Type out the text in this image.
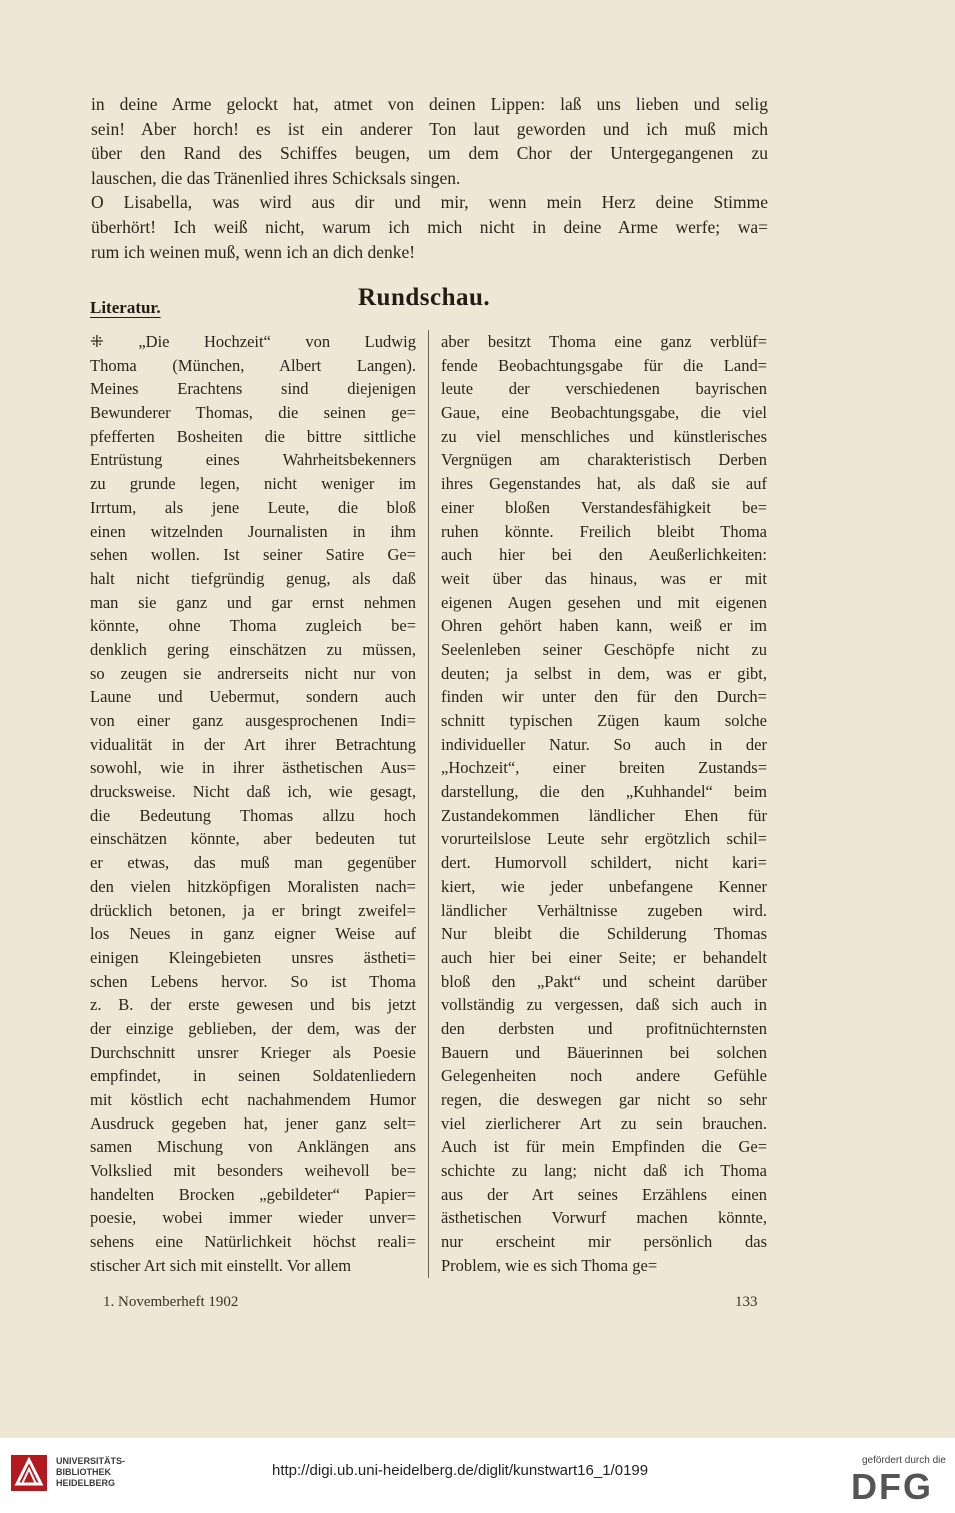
in deine Arme gelockt hat, atmet von deinen Lippen: laß uns lieben und selig
sein! Aber horch! es ist ein anderer Ton laut geworden und ich muß mich
über den Rand des Schiffes beugen, um dem Chor der Untergegangenen zu
lauschen, die das Tränenlied ihres Schicksals singen.
O Lisabella, was wird aus dir und mir, wenn mein Herz deine Stimme
überhört! Ich weiß nicht, warum ich mich nicht in deine Arme werfe; wa=
rum ich weinen muß, wenn ich an dich denke!
Rundschau.
Literatur.
⁜ „Die Hochzeit“ von Ludwig
Thoma (München, Albert Langen).
Meines Erachtens sind diejenigen
Bewunderer Thomas, die seinen ge=
pfefferten Bosheiten die bittre sittliche
Entrüstung eines Wahrheitsbekenners
zu grunde legen, nicht weniger im
Irrtum, als jene Leute, die bloß
einen witzelnden Journalisten in ihm
sehen wollen. Ist seiner Satire Ge=
halt nicht tiefgründig genug, als daß
man sie ganz und gar ernst nehmen
könnte, ohne Thoma zugleich be=
denklich gering einschätzen zu müssen,
so zeugen sie andrerseits nicht nur von
Laune und Uebermut, sondern auch
von einer ganz ausgesprochenen Indi=
vidualität in der Art ihrer Betrachtung
sowohl, wie in ihrer ästhetischen Aus=
drucksweise. Nicht daß ich, wie gesagt,
die Bedeutung Thomas allzu hoch
einschätzen könnte, aber bedeuten tut
er etwas, das muß man gegenüber
den vielen hitzköpfigen Moralisten nach=
drücklich betonen, ja er bringt zweifel=
los Neues in ganz eigner Weise auf
einigen Kleingebieten unsres ästheti=
schen Lebens hervor. So ist Thoma
z. B. der erste gewesen und bis jetzt
der einzige geblieben, der dem, was der
Durchschnitt unsrer Krieger als Poesie
empfindet, in seinen Soldatenliedern
mit köstlich echt nachahmendem Humor
Ausdruck gegeben hat, jener ganz selt=
samen Mischung von Anklängen ans
Volkslied mit besonders weihevoll be=
handelten Brocken „gebildeter“ Papier=
poesie, wobei immer wieder unver=
sehens eine Natürlichkeit höchst reali=
stischer Art sich mit einstellt. Vor allem
aber besitzt Thoma eine ganz verblüf=
fende Beobachtungsgabe für die Land=
leute der verschiedenen bayrischen
Gaue, eine Beobachtungsgabe, die viel
zu viel menschliches und künstlerisches
Vergnügen am charakteristisch Derben
ihres Gegenstandes hat, als daß sie auf
einer bloßen Verstandesfähigkeit be=
ruhen könnte. Freilich bleibt Thoma
auch hier bei den Aeußerlichkeiten:
weit über das hinaus, was er mit
eigenen Augen gesehen und mit eigenen
Ohren gehört haben kann, weiß er im
Seelenleben seiner Geschöpfe nicht zu
deuten; ja selbst in dem, was er gibt,
finden wir unter den für den Durch=
schnitt typischen Zügen kaum solche
individueller Natur. So auch in der
„Hochzeit“, einer breiten Zustands=
darstellung, die den „Kuhhandel“ beim
Zustandekommen ländlicher Ehen für
vorurteilslose Leute sehr ergötzlich schil=
dert. Humorvoll schildert, nicht kari=
kiert, wie jeder unbefangene Kenner
ländlicher Verhältnisse zugeben wird.
Nur bleibt die Schilderung Thomas
auch hier bei einer Seite; er behandelt
bloß den „Pakt“ und scheint darüber
vollständig zu vergessen, daß sich auch in
den derbsten und profitnüchternsten
Bauern und Bäuerinnen bei solchen
Gelegenheiten noch andere Gefühle
regen, die deswegen gar nicht so sehr
viel zierlicherer Art zu sein brauchen.
Auch ist für mein Empfinden die Ge=
schichte zu lang; nicht daß ich Thoma
aus der Art seines Erzählens einen
ästhetischen Vorwurf machen könnte,
nur erscheint mir persönlich das
Problem, wie es sich Thoma ge=
1. Novemberheft 1902	133
UNIVERSITÄTS-
BIBLIOTHEK
HEIDELBERG
http://digi.ub.uni-heidelberg.de/diglit/kunstwart16_1/0199
gefördert durch die
DFG
